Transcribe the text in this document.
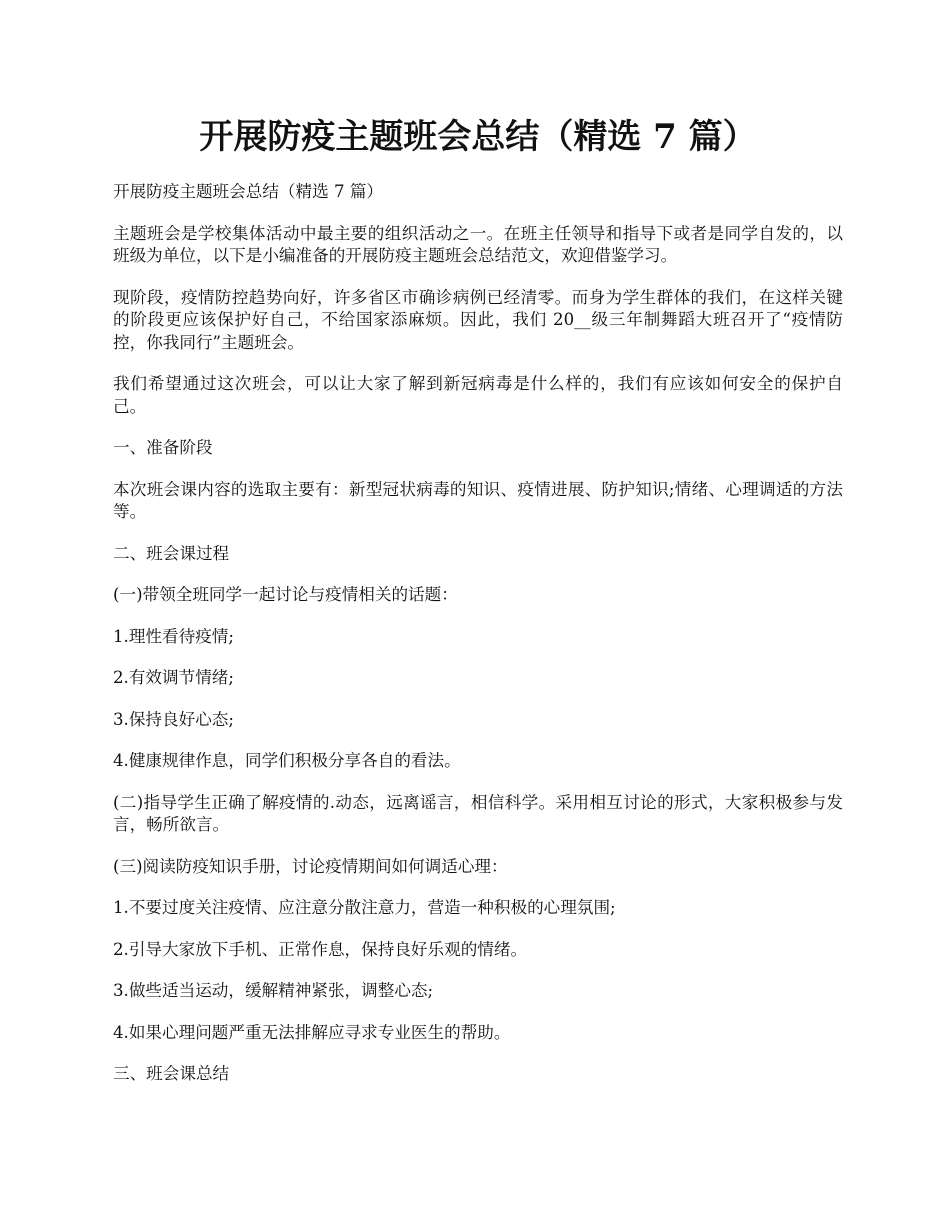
开展防疫主题班会总结（精选 7 篇）

开展防疫主题班会总结（精选 7 篇）

主题班会是学校集体活动中最主要的组织活动之一。在班主任领导和指导下或者是同学自发的，以班级为单位，以下是小编准备的开展防疫主题班会总结范文，欢迎借鉴学习。

现阶段，疫情防控趋势向好，许多省区市确诊病例已经清零。而身为学生群体的我们，在这样关键的阶段更应该保护好自己，不给国家添麻烦。因此，我们 20__级三年制舞蹈大班召开了“疫情防控，你我同行”主题班会。

我们希望通过这次班会，可以让大家了解到新冠病毒是什么样的，我们有应该如何安全的保护自己。

一、准备阶段

本次班会课内容的选取主要有：新型冠状病毒的知识、疫情进展、防护知识;情绪、心理调适的方法等。

二、班会课过程

(一)带领全班同学一起讨论与疫情相关的话题：

1.理性看待疫情;

2.有效调节情绪;

3.保持良好心态;

4.健康规律作息，同学们积极分享各自的看法。

(二)指导学生正确了解疫情的.动态，远离谣言，相信科学。采用相互讨论的形式，大家积极参与发言，畅所欲言。

(三)阅读防疫知识手册，讨论疫情期间如何调适心理：

1.不要过度关注疫情、应注意分散注意力，营造一种积极的心理氛围;

2.引导大家放下手机、正常作息，保持良好乐观的情绪。

3.做些适当运动，缓解精神紧张，调整心态;

4.如果心理问题严重无法排解应寻求专业医生的帮助。

三、班会课总结
